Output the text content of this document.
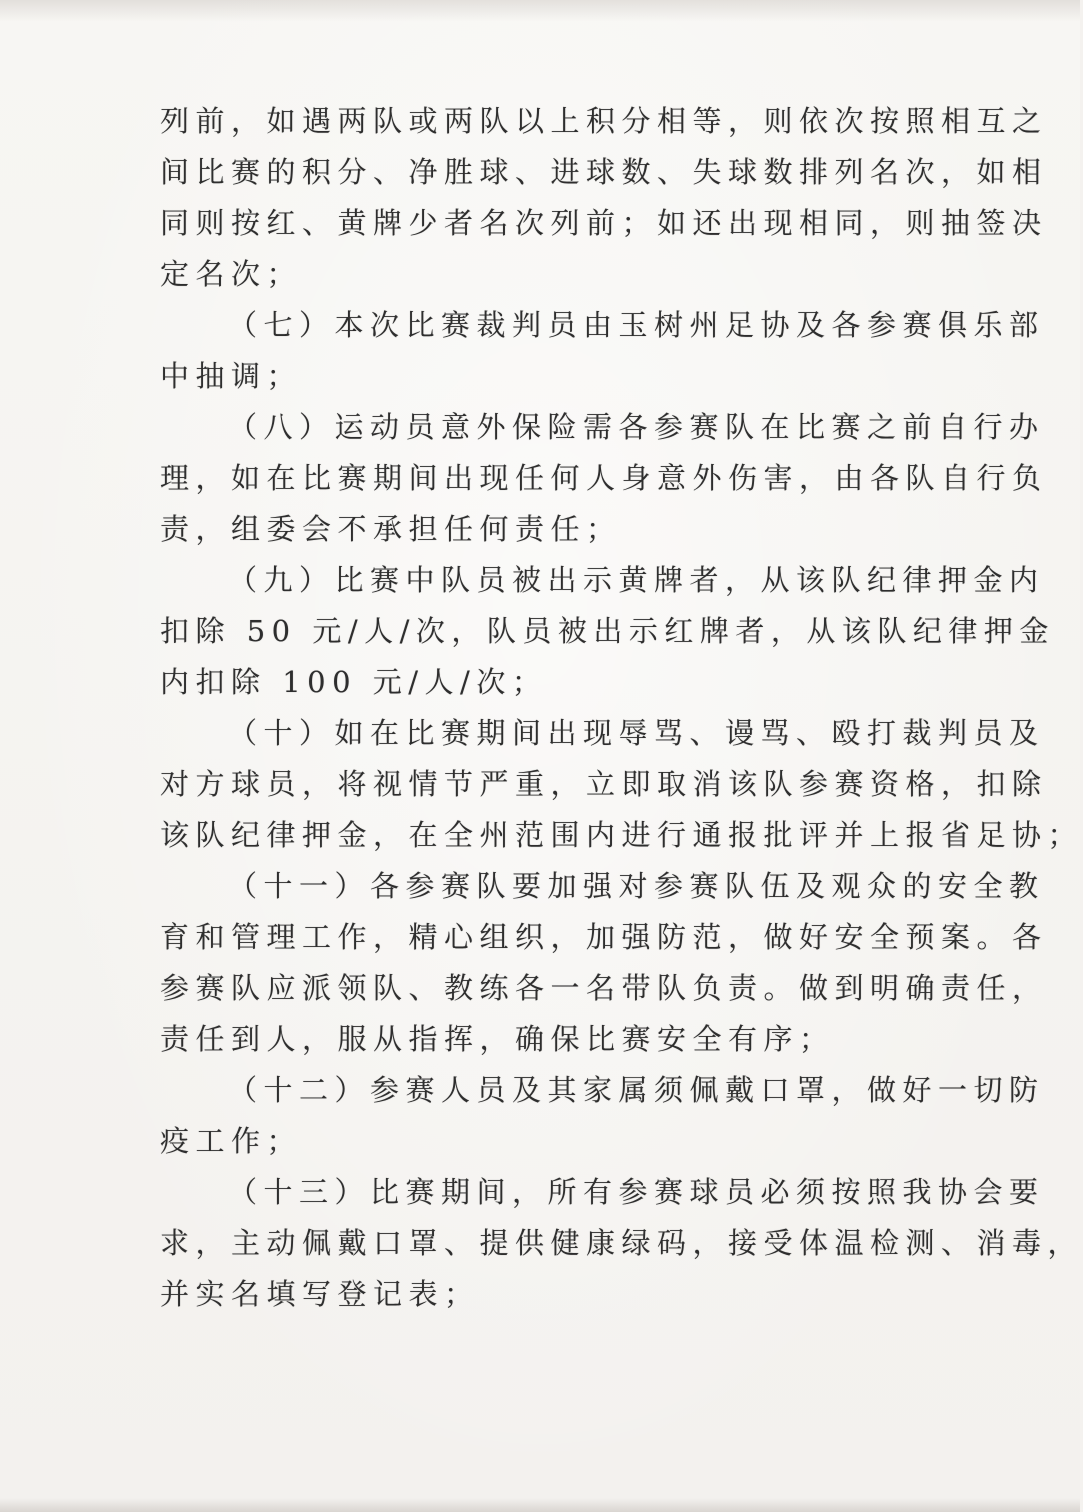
列前，如遇两队或两队以上积分相等，则依次按照相互之
间比赛的积分、净胜球、进球数、失球数排列名次，如相
同则按红、黄牌少者名次列前；如还出现相同，则抽签决
定名次；
（七）本次比赛裁判员由玉树州足协及各参赛俱乐部
中抽调；
（八）运动员意外保险需各参赛队在比赛之前自行办
理，如在比赛期间出现任何人身意外伤害，由各队自行负
责，组委会不承担任何责任；
（九）比赛中队员被出示黄牌者，从该队纪律押金内
扣除 50 元/人/次，队员被出示红牌者，从该队纪律押金
内扣除 100 元/人/次；
（十）如在比赛期间出现辱骂、谩骂、殴打裁判员及
对方球员，将视情节严重，立即取消该队参赛资格，扣除
该队纪律押金，在全州范围内进行通报批评并上报省足协；
（十一）各参赛队要加强对参赛队伍及观众的安全教
育和管理工作，精心组织，加强防范，做好安全预案。各
参赛队应派领队、教练各一名带队负责。做到明确责任，
责任到人，服从指挥，确保比赛安全有序；
（十二）参赛人员及其家属须佩戴口罩，做好一切防
疫工作；
（十三）比赛期间，所有参赛球员必须按照我协会要
求，主动佩戴口罩、提供健康绿码，接受体温检测、消毒，
并实名填写登记表；
